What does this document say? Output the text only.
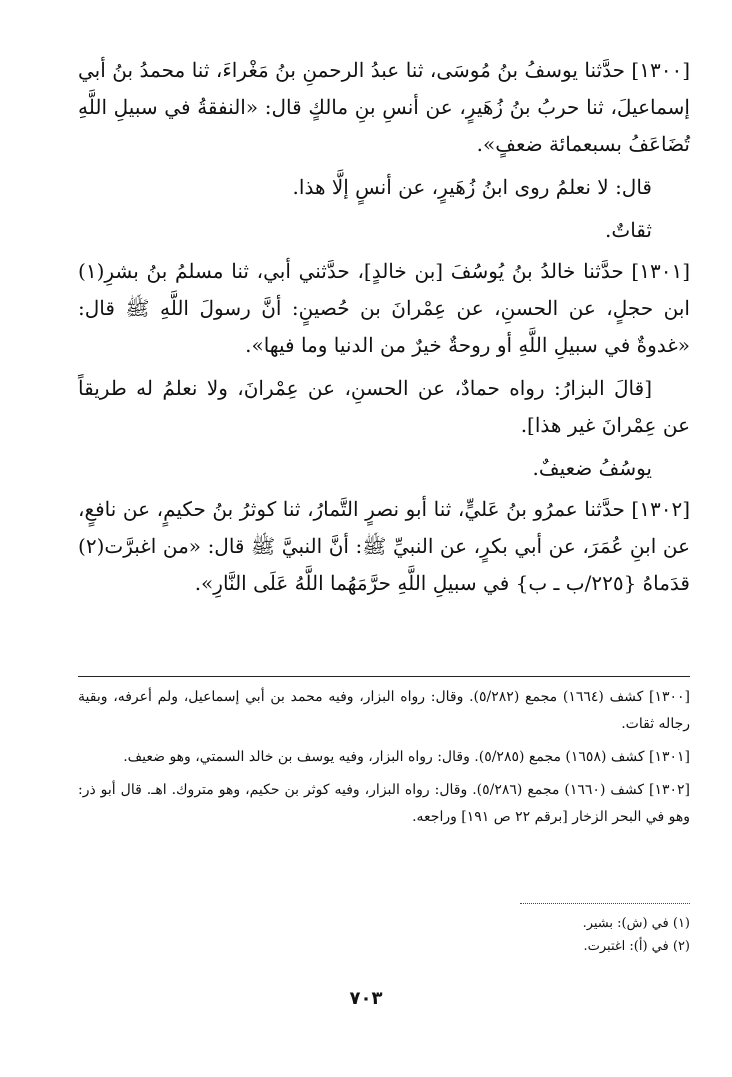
[١٣٠٠] حدَّثنا يوسفُ بنُ مُوسَى، ثنا عبدُ الرحمنِ بنُ مَغْراءَ، ثنا محمدُ بنُ أبي إسماعيلَ، ثنا حربُ بنُ زُهَيرٍ، عن أنسِ بنِ مالكٍ قال: «النفقةُ في سبيلِ اللَّهِ تُضَاعَفُ بسبعمائة ضعفٍ».

قال: لا نعلمُ روى ابنُ زُهَيرٍ، عن أنسٍ إلَّا هذا.

ثقاتٌ.

[١٣٠١] حدَّثنا خالدُ بنُ يُوسُفَ [بن خالدٍ]، حدَّثني أبي، ثنا مسلمُ بنُ بشرِ(١) ابن حجلٍ، عن الحسنِ، عن عِمْرانَ بن حُصينٍ: أنَّ رسولَ اللَّهِ ﷺ قال: «غدوةٌ في سبيلِ اللَّهِ أو روحةٌ خيرٌ من الدنيا وما فيها».

[قالَ البزارُ: رواه حمادٌ، عن الحسنِ، عن عِمْرانَ، ولا نعلمُ له طريقاً عن عِمْرانَ غير هذا].

يوسُفُ ضعيفٌ.

[١٣٠٢] حدَّثنا عمرُو بنُ عَليٍّ، ثنا أبو نصرٍ التَّمارُ، ثنا كوثرُ بنُ حكيمٍ، عن نافعٍ، عن ابنِ عُمَرَ، عن أبي بكرٍ، عن النبيِّ ﷺ: أنَّ النبيَّ ﷺ قال: «من اغبرَّت(٢) قدَماهُ {٢٢٥/ب ـ ب} في سبيلِ اللَّهِ حرَّمَهُما اللَّهُ عَلَى النَّارِ».

[١٣٠٠] كشف (١٦٦٤) مجمع (٥/٢٨٢). وقال: رواه البزار، وفيه محمد بن أبي إسماعيل، ولم أعرفه، وبقية رجاله ثقات.

[١٣٠١] كشف (١٦٥٨) مجمع (٥/٢٨٥). وقال: رواه البزار، وفيه يوسف بن خالد السمتي، وهو ضعيف.

[١٣٠٢] كشف (١٦٦٠) مجمع (٥/٢٨٦). وقال: رواه البزار، وفيه كوثر بن حكيم، وهو متروك. اهـ. قال أبو ذر: وهو في البحر الزخار [برقم ٢٢ ص ١٩١] وراجعه.

(١) في (ش): بشير.

(٢) في (أ): اغتبرت.

٧٠٣
